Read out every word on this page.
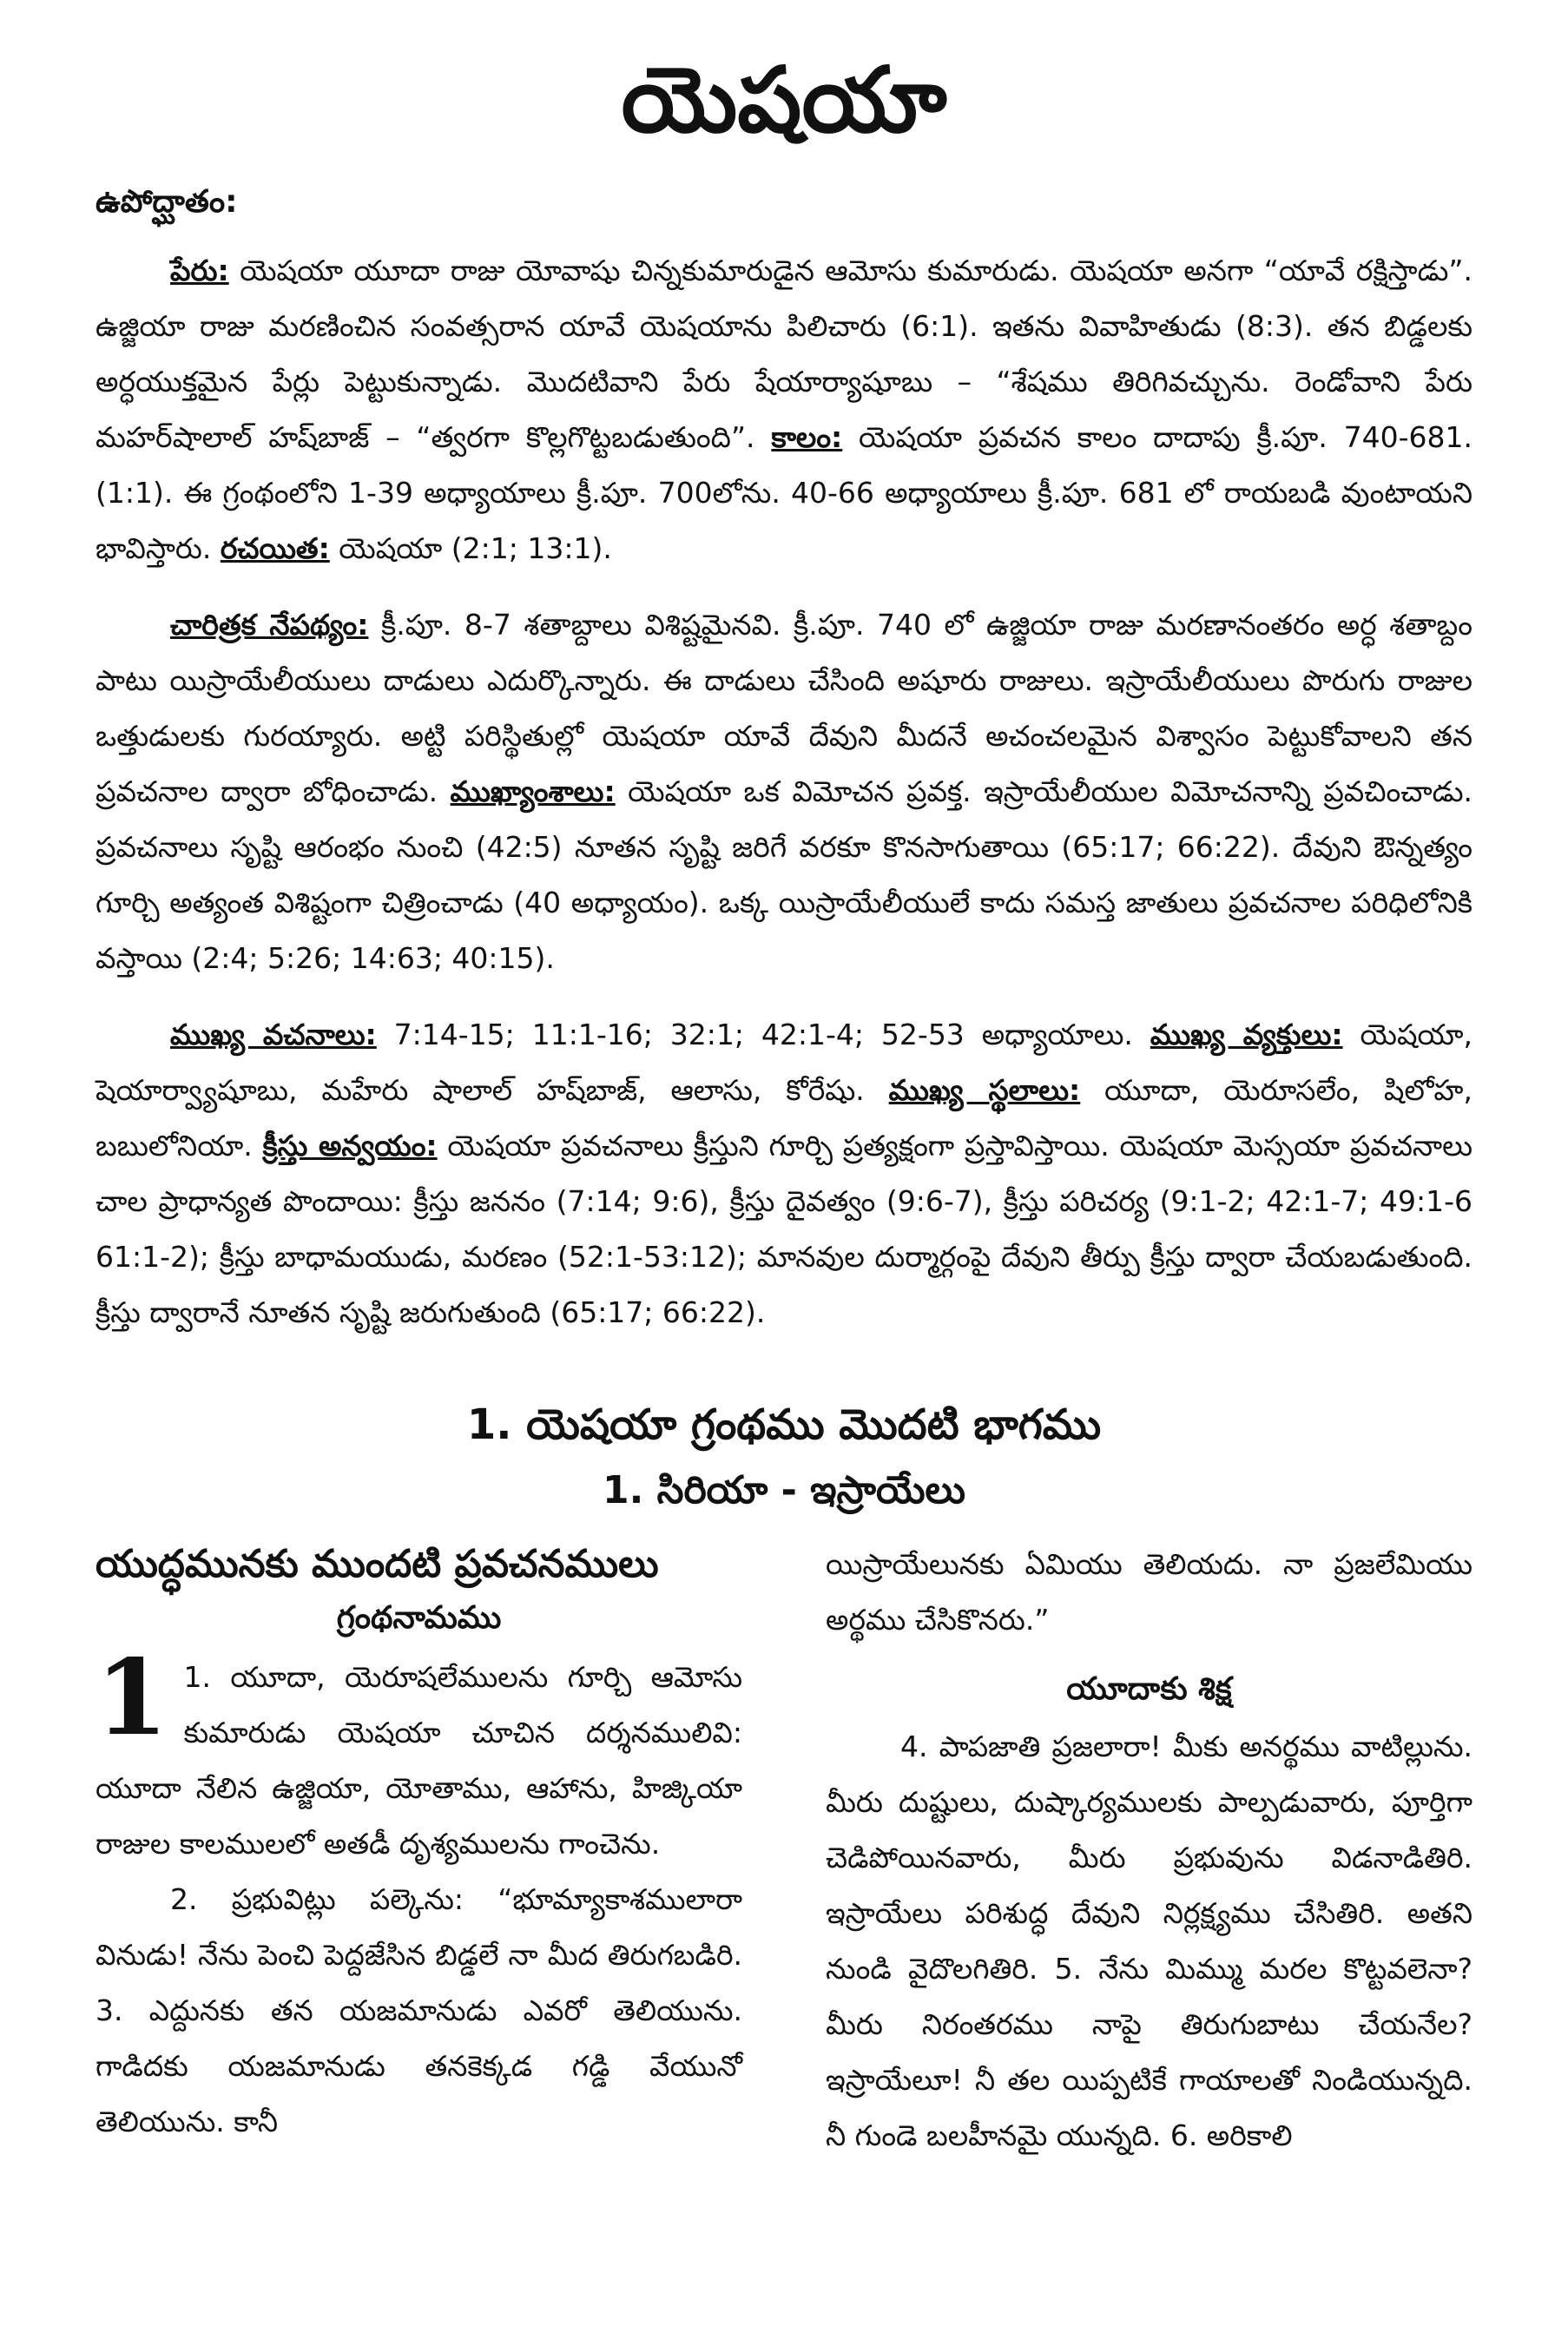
యెషయా
ఉపోద్ఘాతం:

పేరు: యెషయా యూదా రాజు యోవాషు చిన్నకుమారుడైన ఆమోసు కుమారుడు. యెషయా అనగా “యావే రక్షిస్తాడు”. ఉజ్జియా రాజు మరణించిన సంవత్సరాన యావే యెషయాను పిలిచారు (6:1). ఇతను వివాహితుడు (8:3). తన బిడ్డలకు అర్ధయుక్తమైన పేర్లు పెట్టుకున్నాడు. మొదటివాని పేరు షేయార్యాషూబు – “శేషము తిరిగివచ్చును. రెండోవాని పేరు మహర్‌షాలాల్ హష్‌బాజ్ – “త్వరగా కొల్లగొట్టబడుతుంది”. కాలం: యెషయా ప్రవచన కాలం దాదాపు క్రీ.పూ. 740-681. (1:1). ఈ గ్రంథంలోని 1-39 అధ్యాయాలు క్రీ.పూ. 700లోను. 40-66 అధ్యాయాలు క్రీ.పూ. 681 లో రాయబడి వుంటాయని భావిస్తారు. రచయిత: యెషయా (2:1; 13:1).

చారిత్రక నేపథ్యం: క్రీ.పూ. 8-7 శతాబ్దాలు విశిష్టమైనవి. క్రీ.పూ. 740 లో ఉజ్జియా రాజు మరణానంతరం అర్ధ శతాబ్దం పాటు యిస్రాయేలీయులు దాడులు ఎదుర్కొన్నారు. ఈ దాడులు చేసింది అషూరు రాజులు. ఇస్రాయేలీయులు పొరుగు రాజుల ఒత్తుడులకు గురయ్యారు. అట్టి పరిస్థితుల్లో యెషయా యావే దేవుని మీదనే అచంచలమైన విశ్వాసం పెట్టుకోవాలని తన ప్రవచనాల ద్వారా బోధించాడు. ముఖ్యాంశాలు: యెషయా ఒక విమోచన ప్రవక్త. ఇస్రాయేలీయుల విమోచనాన్ని ప్రవచించాడు. ప్రవచనాలు సృష్టి ఆరంభం నుంచి (42:5) నూతన సృష్టి జరిగే వరకూ కొనసాగుతాయి (65:17; 66:22). దేవుని ఔన్నత్యం గూర్చి అత్యంత విశిష్టంగా చిత్రించాడు (40 అధ్యాయం). ఒక్క యిస్రాయేలీయులే కాదు సమస్త జాతులు ప్రవచనాల పరిధిలోనికి వస్తాయి (2:4; 5:26; 14:63; 40:15).

ముఖ్య వచనాలు: 7:14-15; 11:1-16; 32:1; 42:1-4; 52-53 అధ్యాయాలు. ముఖ్య వ్యక్తులు: యెషయా, షెయార్వ్యాషూబు, మహేరు షాలాల్ హష్‌బాజ్, ఆలాసు, కోరేషు. ముఖ్య స్థలాలు: యూదా, యెరూసలేం, షిలోహ, బబులోనియా. క్రీస్తు అన్వయం: యెషయా ప్రవచనాలు క్రీస్తుని గూర్చి ప్రత్యక్షంగా ప్రస్తావిస్తాయి. యెషయా మెస్సయా ప్రవచనాలు చాల ప్రాధాన్యత పొందాయి: క్రీస్తు జననం (7:14; 9:6), క్రీస్తు దైవత్వం (9:6-7), క్రీస్తు పరిచర్య (9:1-2; 42:1-7; 49:1-6 61:1-2); క్రీస్తు బాధామయుడు, మరణం (52:1-53:12); మానవుల దుర్మార్గంపై దేవుని తీర్పు క్రీస్తు ద్వారా చేయబడుతుంది. క్రీస్తు ద్వారానే నూతన సృష్టి జరుగుతుంది (65:17; 66:22).

1. యెషయా గ్రంథము మొదటి భాగము
1. సిరియా - ఇస్రాయేలు
యుద్ధమునకు ముందటి ప్రవచనములు
గ్రంథనామము

1 1. యూదా, యెరూషలేములను గూర్చి ఆమోసు కుమారుడు యెషయా చూచిన దర్శనములివి: యూదా నేలిన ఉజ్జియా, యోతాము, ఆహాను, హిజ్కియా రాజుల కాలములలో అతడీ దృశ్యములను గాంచెను.

2. ప్రభువిట్లు పల్కెను: “భూమ్యాకాశములారా వినుడు! నేను పెంచి పెద్దజేసిన బిడ్డలే నా మీద తిరుగబడిరి. 3. ఎద్దునకు తన యజమానుడు ఎవరో తెలియును. గాడిదకు యజమానుడు తనకెక్కడ గడ్డి వేయునో తెలియును. కానీ

యిస్రాయేలునకు ఏమియు తెలియదు. నా ప్రజలేమియు అర్థము చేసికొనరు.”

యూదాకు శిక్ష

4. పాపజాతి ప్రజలారా! మీకు అనర్థము వాటిల్లును. మీరు దుష్టులు, దుష్కార్యములకు పాల్పడువారు, పూర్తిగా చెడిపోయినవారు, మీరు ప్రభువును విడనాడితిరి. ఇస్రాయేలు పరిశుద్ధ దేవుని నిర్లక్ష్యము చేసితిరి. అతని నుండి వైదొలగితిరి. 5. నేను మిమ్ము మరల కొట్టవలెనా? మీరు నిరంతరము నాపై తిరుగుబాటు చేయనేల? ఇస్రాయేలూ! నీ తల యిప్పటికే గాయాలతో నిండియున్నది. నీ గుండె బలహీనమై యున్నది. 6. అరికాలి
